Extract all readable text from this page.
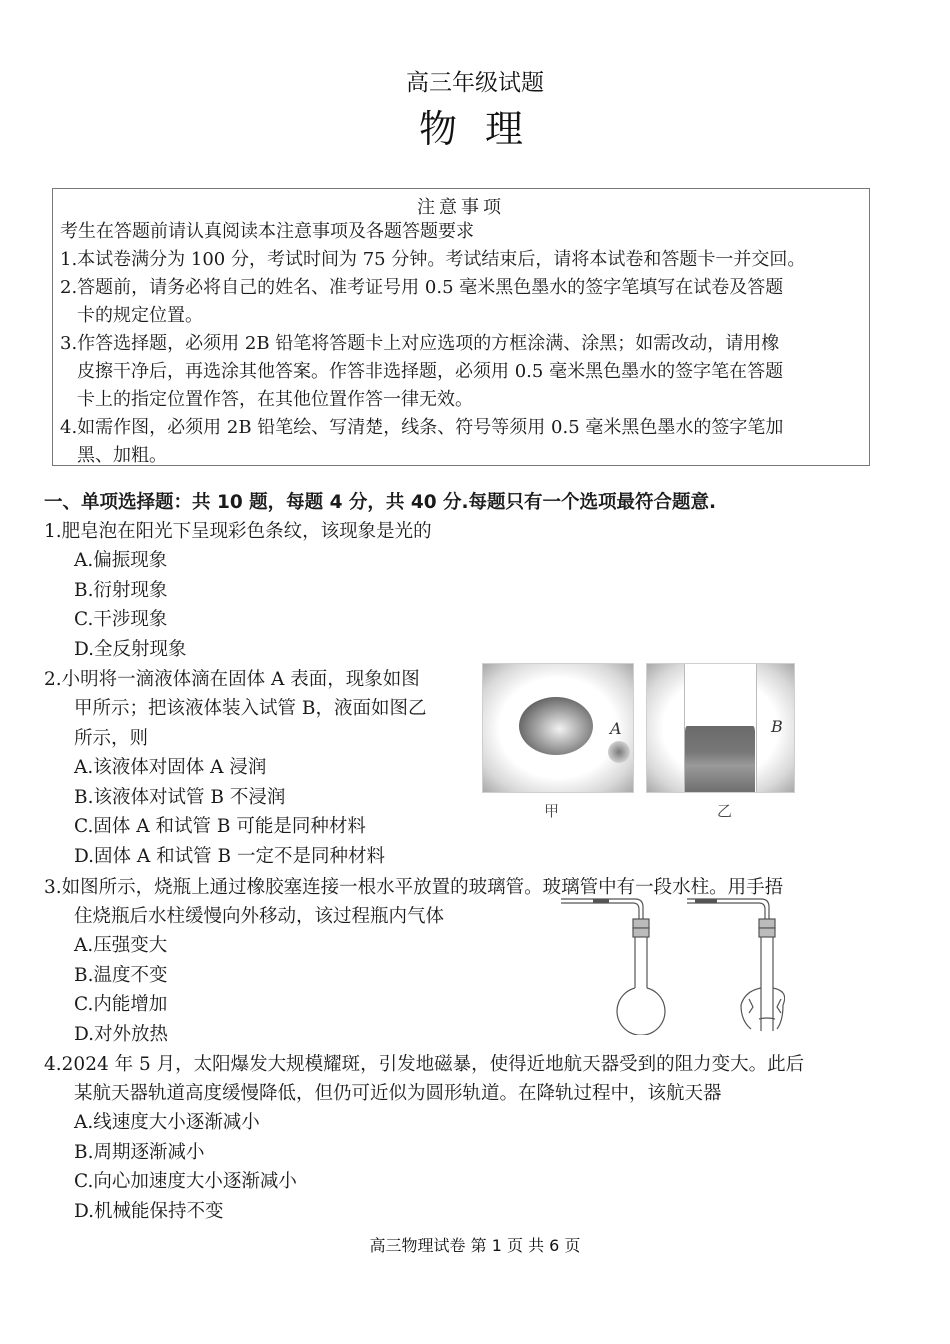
高三年级试题
物 理
注意事项
考生在答题前请认真阅读本注意事项及各题答题要求
1.本试卷满分为 100 分，考试时间为 75 分钟。考试结束后，请将本试卷和答题卡一并交回。
2.答题前，请务必将自己的姓名、准考证号用 0.5 毫米黑色墨水的签字笔填写在试卷及答题
卡的规定位置。
3.作答选择题，必须用 2B 铅笔将答题卡上对应选项的方框涂满、涂黑；如需改动，请用橡
皮擦干净后，再选涂其他答案。作答非选择题，必须用 0.5 毫米黑色墨水的签字笔在答题
卡上的指定位置作答，在其他位置作答一律无效。
4.如需作图，必须用 2B 铅笔绘、写清楚，线条、符号等须用 0.5 毫米黑色墨水的签字笔加
黑、加粗。
一、单项选择题：共 10 题，每题 4 分，共 40 分.每题只有一个选项最符合题意.
1.肥皂泡在阳光下呈现彩色条纹，该现象是光的
A.偏振现象
B.衍射现象
C.干涉现象
D.全反射现象
2.小明将一滴液体滴在固体 A 表面，现象如图
甲所示；把该液体装入试管 B，液面如图乙
所示，则
A.该液体对固体 A 浸润
B.该液体对试管 B 不浸润
C.固体 A 和试管 B 可能是同种材料
D.固体 A 和试管 B 一定不是同种材料
A
甲
B
乙
3.如图所示，烧瓶上通过橡胶塞连接一根水平放置的玻璃管。玻璃管中有一段水柱。用手捂
住烧瓶后水柱缓慢向外移动，该过程瓶内气体
A.压强变大
B.温度不变
C.内能增加
D.对外放热
4.2024 年 5 月，太阳爆发大规模耀斑，引发地磁暴，使得近地航天器受到的阻力变大。此后
某航天器轨道高度缓慢降低，但仍可近似为圆形轨道。在降轨过程中，该航天器
A.线速度大小逐渐减小
B.周期逐渐减小
C.向心加速度大小逐渐减小
D.机械能保持不变
高三物理试卷 第 1 页 共 6 页
